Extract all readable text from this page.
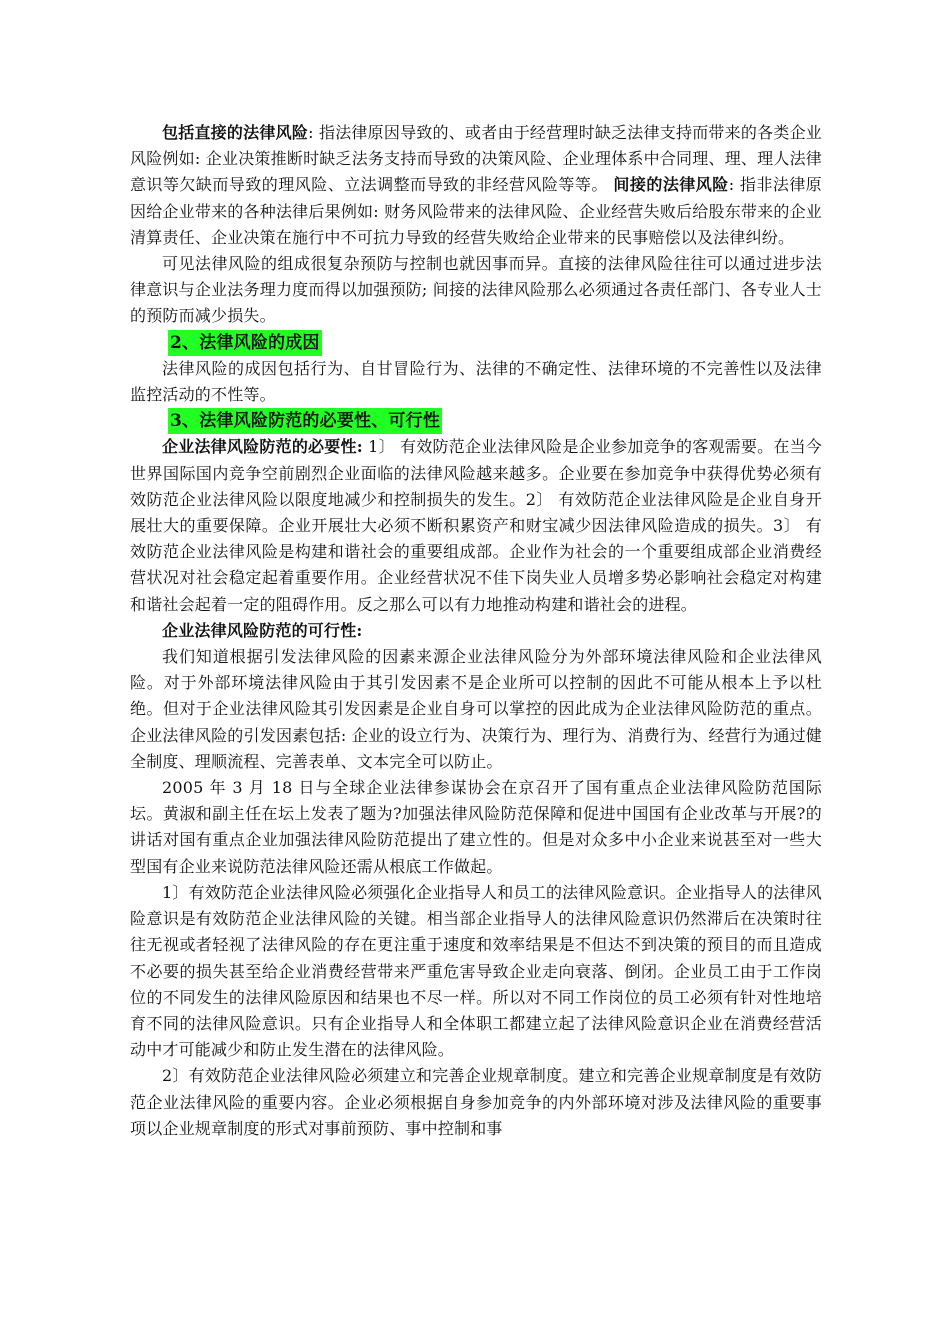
包括直接的法律风险: 指法律原因导致的、或者由于经营理时缺乏法律支持而带来的各类企业风险例如: 企业决策推断时缺乏法务支持而导致的决策风险、企业理体系中合同理、理、理人法律意识等欠缺而导致的理风险、立法调整而导致的非经营风险等等。 间接的法律风险: 指非法律原因给企业带来的各种法律后果例如: 财务风险带来的法律风险、企业经营失败后给股东带来的企业清算责任、企业决策在施行中不可抗力导致的经营失败给企业带来的民事赔偿以及法律纠纷。

可见法律风险的组成很复杂预防与控制也就因事而异。直接的法律风险往往可以通过进步法律意识与企业法务理力度而得以加强预防; 间接的法律风险那么必须通过各责任部门、各专业人士的预防而减少损失。

2、法律风险的成因

法律风险的成因包括行为、自甘冒险行为、法律的不确定性、法律环境的不完善性以及法律监控活动的不性等。

3、法律风险防范的必要性、可行性

企业法律风险防范的必要性: 1〕 有效防范企业法律风险是企业参加竞争的客观需要。在当今世界国际国内竞争空前剧烈企业面临的法律风险越来越多。企业要在参加竞争中获得优势必须有效防范企业法律风险以限度地减少和控制损失的发生。2〕 有效防范企业法律风险是企业自身开展壮大的重要保障。企业开展壮大必须不断积累资产和财宝减少因法律风险造成的损失。3〕 有效防范企业法律风险是构建和谐社会的重要组成部。企业作为社会的一个重要组成部企业消费经营状况对社会稳定起着重要作用。企业经营状况不佳下岗失业人员增多势必影响社会稳定对构建和谐社会起着一定的阻碍作用。反之那么可以有力地推动构建和谐社会的进程。

企业法律风险防范的可行性:

我们知道根据引发法律风险的因素来源企业法律风险分为外部环境法律风险和企业法律风险。对于外部环境法律风险由于其引发因素不是企业所可以控制的因此不可能从根本上予以杜绝。但对于企业法律风险其引发因素是企业自身可以掌控的因此成为企业法律风险防范的重点。企业法律风险的引发因素包括: 企业的设立行为、决策行为、理行为、消费行为、经营行为通过健全制度、理顺流程、完善表单、文本完全可以防止。

2005 年 3 月 18 日与全球企业法律参谋协会在京召开了国有重点企业法律风险防范国际坛。黄淑和副主任在坛上发表了题为?加强法律风险防范保障和促进中国国有企业改革与开展?的讲话对国有重点企业加强法律风险防范提出了建立性的。但是对众多中小企业来说甚至对一些大型国有企业来说防范法律风险还需从根底工作做起。

1〕有效防范企业法律风险必须强化企业指导人和员工的法律风险意识。企业指导人的法律风险意识是有效防范企业法律风险的关键。相当部企业指导人的法律风险意识仍然滞后在决策时往往无视或者轻视了法律风险的存在更注重于速度和效率结果是不但达不到决策的预目的而且造成不必要的损失甚至给企业消费经营带来严重危害导致企业走向衰落、倒闭。企业员工由于工作岗位的不同发生的法律风险原因和结果也不尽一样。所以对不同工作岗位的员工必须有针对性地培育不同的法律风险意识。只有企业指导人和全体职工都建立起了法律风险意识企业在消费经营活动中才可能减少和防止发生潜在的法律风险。

2〕有效防范企业法律风险必须建立和完善企业规章制度。建立和完善企业规章制度是有效防范企业法律风险的重要内容。企业必须根据自身参加竞争的内外部环境对涉及法律风险的重要事项以企业规章制度的形式对事前预防、事中控制和事
